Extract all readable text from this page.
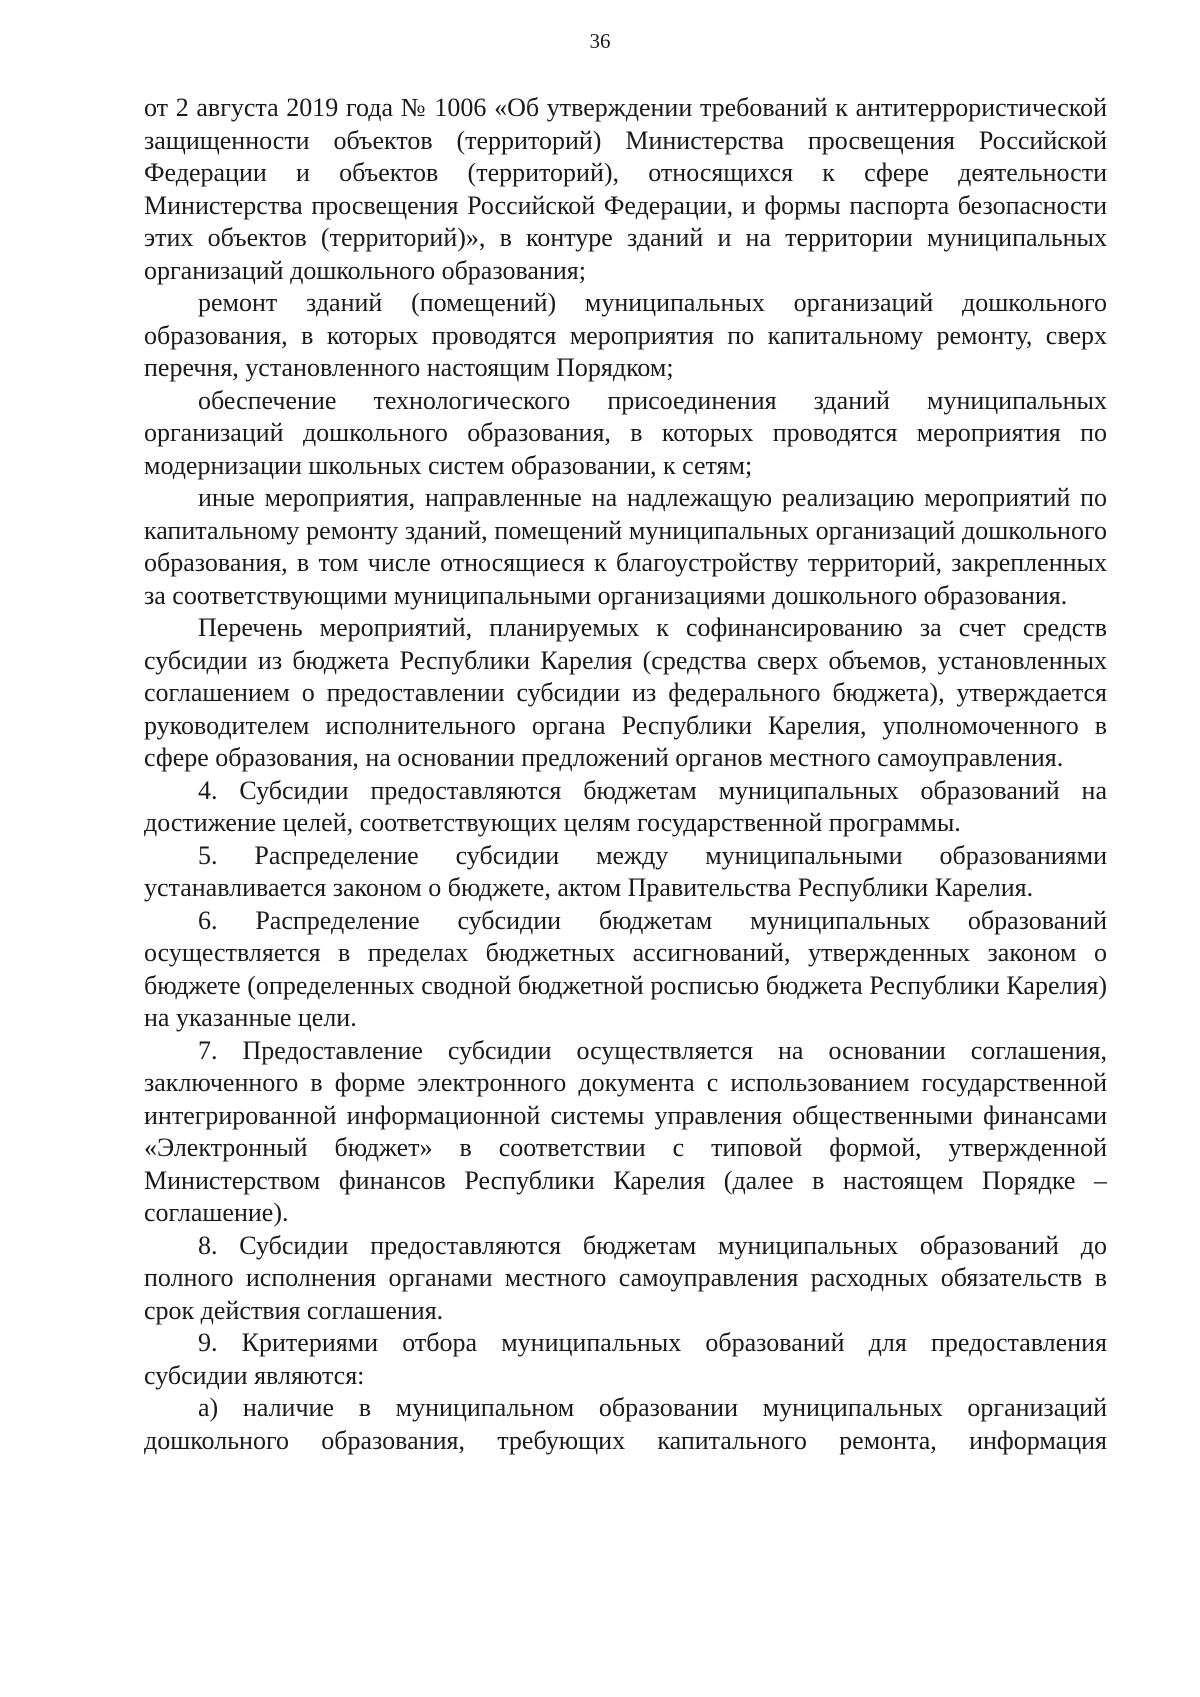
36

от 2 августа 2019 года № 1006 «Об утверждении требований к антитеррористической защищенности объектов (территорий) Министерства просвещения Российской Федерации и объектов (территорий), относящихся к сфере деятельности Министерства просвещения Российской Федерации, и формы паспорта безопасности этих объектов (территорий)», в контуре зданий и на территории муниципальных организаций дошкольного образования;

ремонт зданий (помещений) муниципальных организаций дошкольного образования, в которых проводятся мероприятия по капитальному ремонту, сверх перечня, установленного настоящим Порядком;

обеспечение технологического присоединения зданий муниципальных организаций дошкольного образования, в которых проводятся мероприятия по модернизации школьных систем образовании, к сетям;

иные мероприятия, направленные на надлежащую реализацию мероприятий по капитальному ремонту зданий, помещений муниципальных организаций дошкольного образования, в том числе относящиеся к благоустройству территорий, закрепленных за соответствующими муниципальными организациями дошкольного образования.

Перечень мероприятий, планируемых к софинансированию за счет средств субсидии из бюджета Республики Карелия (средства сверх объемов, установленных соглашением о предоставлении субсидии из федерального бюджета), утверждается руководителем исполнительного органа Республики Карелия, уполномоченного в сфере образования, на основании предложений органов местного самоуправления.

4. Субсидии предоставляются бюджетам муниципальных образований на достижение целей, соответствующих целям государственной программы.

5. Распределение субсидии между муниципальными образованиями устанавливается законом о бюджете, актом Правительства Республики Карелия.

6. Распределение субсидии бюджетам муниципальных образований осуществляется в пределах бюджетных ассигнований, утвержденных законом о бюджете (определенных сводной бюджетной росписью бюджета Республики Карелия) на указанные цели.

7. Предоставление субсидии осуществляется на основании соглашения, заключенного в форме электронного документа с использованием государственной интегрированной информационной системы управления общественными финансами «Электронный бюджет» в соответствии с типовой формой, утвержденной Министерством финансов Республики Карелия (далее в настоящем Порядке – соглашение).

8. Субсидии предоставляются бюджетам муниципальных образований до полного исполнения органами местного самоуправления расходных обязательств в срок действия соглашения.

9. Критериями отбора муниципальных образований для предоставления субсидии являются:

а) наличие в муниципальном образовании муниципальных организаций дошкольного образования, требующих капитального ремонта, информация
